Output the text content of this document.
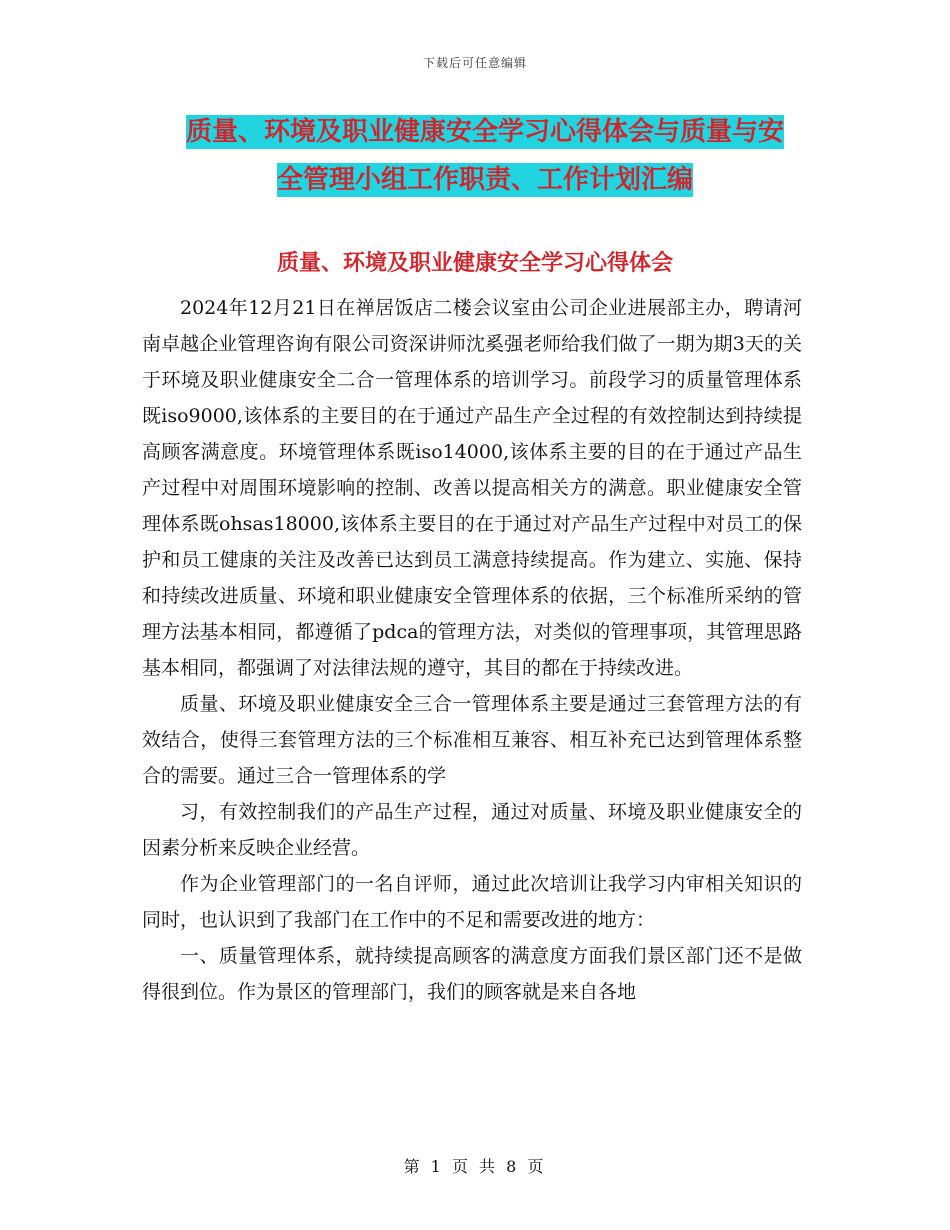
下载后可任意编辑
质量、环境及职业健康安全学习心得体会与质量与安
全管理小组工作职责、工作计划汇编
质量、环境及职业健康安全学习心得体会

2024年12月21日在禅居饭店二楼会议室由公司企业进展部主办，聘请河南卓越企业管理咨询有限公司资深讲师沈奚强老师给我们做了一期为期3天的关于环境及职业健康安全二合一管理体系的培训学习。前段学习的质量管理体系既iso9000,该体系的主要目的在于通过产品生产全过程的有效控制达到持续提高顾客满意度。环境管理体系既iso14000,该体系主要的目的在于通过产品生产过程中对周围环境影响的控制、改善以提高相关方的满意。职业健康安全管理体系既ohsas18000,该体系主要目的在于通过对产品生产过程中对员工的保护和员工健康的关注及改善已达到员工满意持续提高。作为建立、实施、保持和持续改进质量、环境和职业健康安全管理体系的依据，三个标准所采纳的管理方法基本相同，都遵循了pdca的管理方法，对类似的管理事项，其管理思路基本相同，都强调了对法律法规的遵守，其目的都在于持续改进。

质量、环境及职业健康安全三合一管理体系主要是通过三套管理方法的有效结合，使得三套管理方法的三个标准相互兼容、相互补充已达到管理体系整合的需要。通过三合一管理体系的学

习，有效控制我们的产品生产过程，通过对质量、环境及职业健康安全的因素分析来反映企业经营。

作为企业管理部门的一名自评师，通过此次培训让我学习内审相关知识的同时，也认识到了我部门在工作中的不足和需要改进的地方：

一、质量管理体系，就持续提高顾客的满意度方面我们景区部门还不是做得很到位。作为景区的管理部门，我们的顾客就是来自各地

第 1 页 共 8 页
